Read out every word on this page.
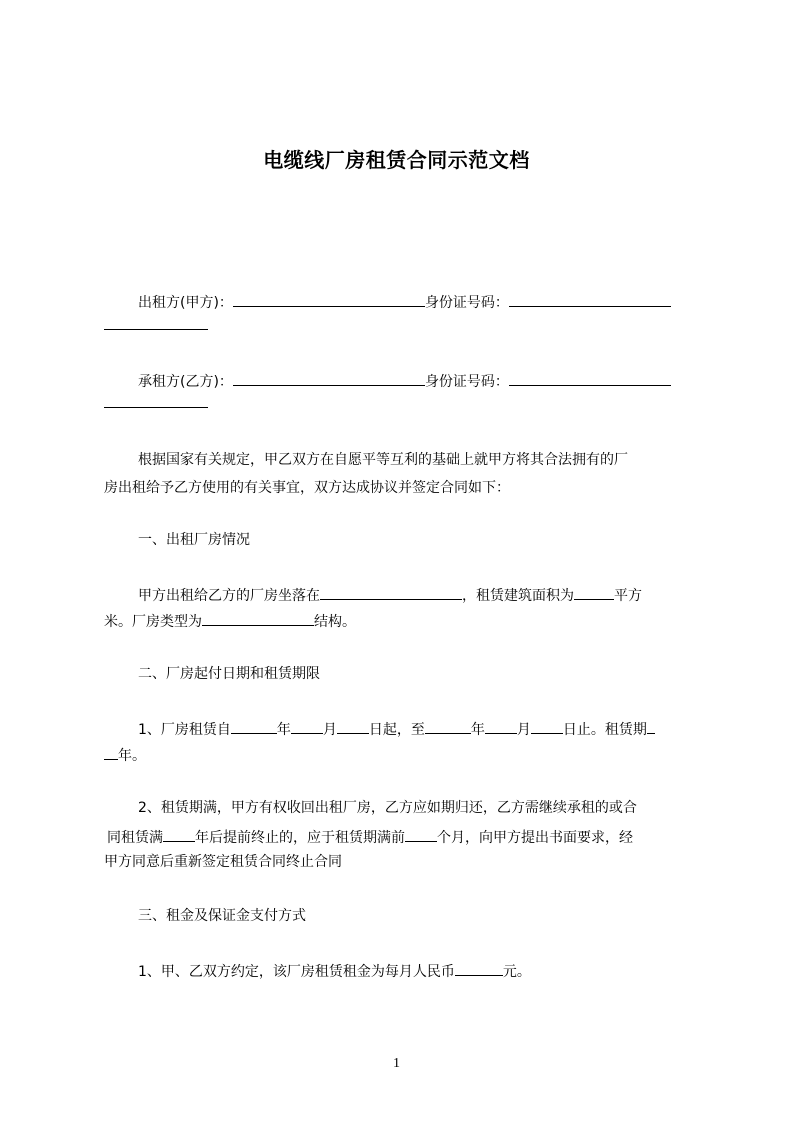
电缆线厂房租赁合同示范文档
出租方(甲方)：	身份证号码：
承租方(乙方)：	身份证号码：
根据国家有关规定，甲乙双方在自愿平等互利的基础上就甲方将其合法拥有的厂
房出租给予乙方使用的有关事宜，双方达成协议并签定合同如下：
一、出租厂房情况
甲方出租给乙方的厂房坐落在	，租赁建筑面积为	平方
米。厂房类型为	结构。
二、厂房起付日期和租赁期限
1、厂房租赁自	年 月 日起，至	年 月 日止。租赁期
年。
2、租赁期满，甲方有权收回出租厂房，乙方应如期归还，乙方需继续承租的或合
同租赁满 年后提前终止的，应于租赁期满前 个月，向甲方提出书面要求，经
甲方同意后重新签定租赁合同终止合同
三、租金及保证金支付方式
1、甲、乙双方约定，该厂房租赁租金为每月人民币	元。
1
